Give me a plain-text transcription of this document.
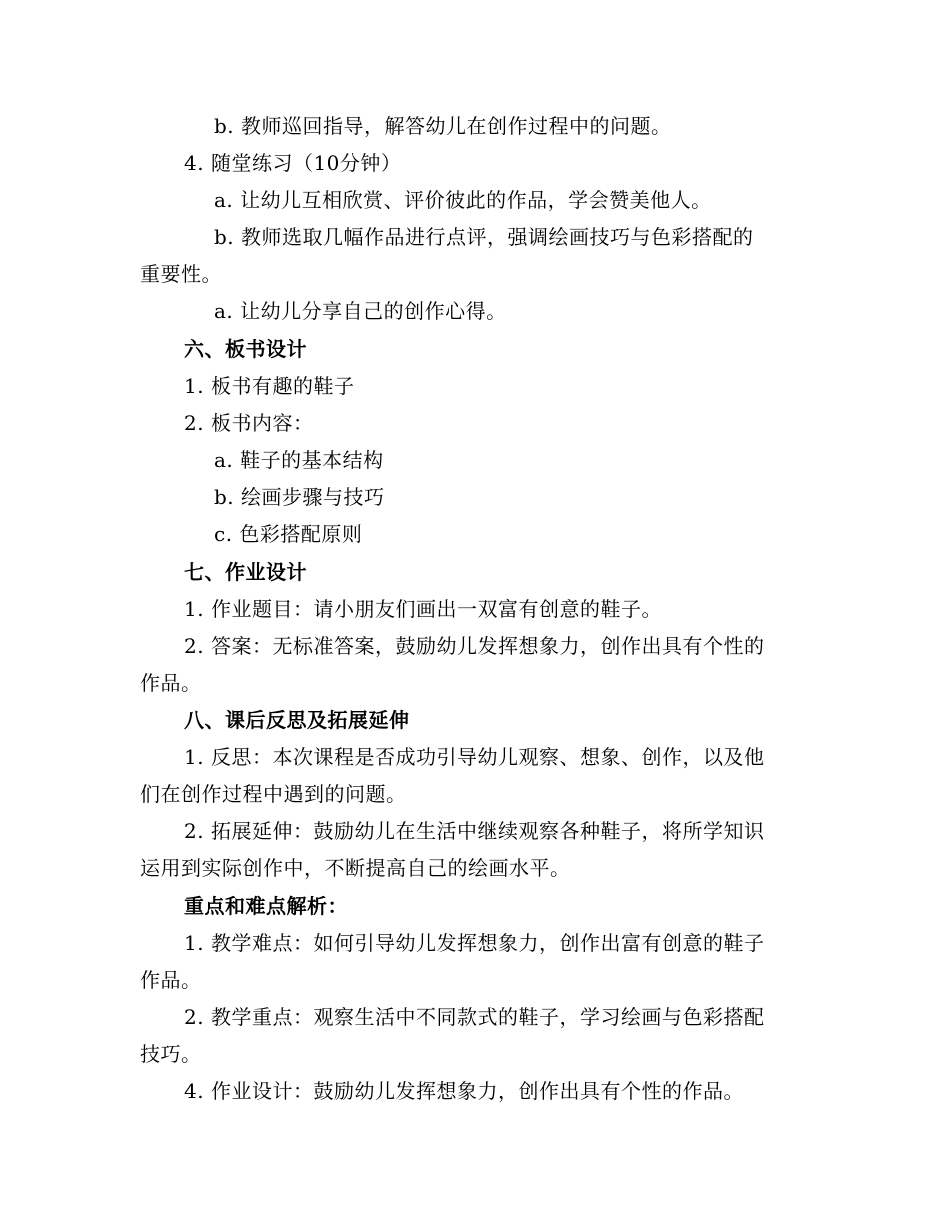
b. 教师巡回指导，解答幼儿在创作过程中的问题。

4. 随堂练习（10分钟）

a. 让幼儿互相欣赏、评价彼此的作品，学会赞美他人。

b. 教师选取几幅作品进行点评，强调绘画技巧与色彩搭配的

重要性。

a. 让幼儿分享自己的创作心得。

六、板书设计

1. 板书有趣的鞋子

2. 板书内容：

a. 鞋子的基本结构

b. 绘画步骤与技巧

c. 色彩搭配原则

七、作业设计

1. 作业题目：请小朋友们画出一双富有创意的鞋子。

2. 答案：无标准答案，鼓励幼儿发挥想象力，创作出具有个性的

作品。

八、课后反思及拓展延伸

1. 反思：本次课程是否成功引导幼儿观察、想象、创作，以及他

们在创作过程中遇到的问题。

2. 拓展延伸：鼓励幼儿在生活中继续观察各种鞋子，将所学知识

运用到实际创作中，不断提高自己的绘画水平。

重点和难点解析：

1. 教学难点：如何引导幼儿发挥想象力，创作出富有创意的鞋子

作品。

2. 教学重点：观察生活中不同款式的鞋子，学习绘画与色彩搭配

技巧。

4. 作业设计：鼓励幼儿发挥想象力，创作出具有个性的作品。
